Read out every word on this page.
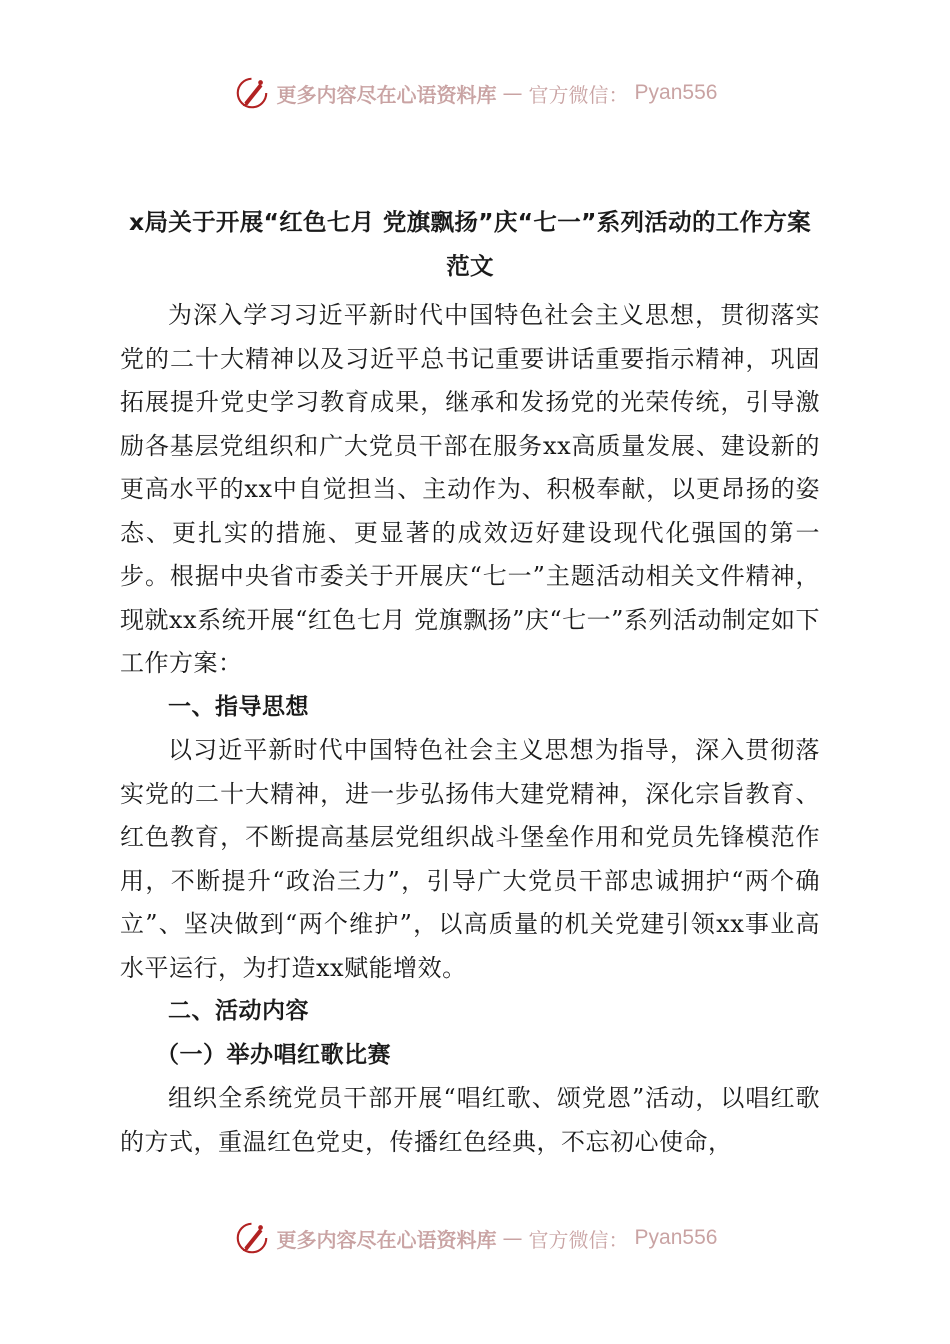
更多内容尽在心语资料库 — 官方微信： Pyan556
x局关于开展“红色七月 党旗飘扬”庆“七一”系列活动的工作方案范文

为深入学习习近平新时代中国特色社会主义思想，贯彻落实党的二十大精神以及习近平总书记重要讲话重要指示精神，巩固拓展提升党史学习教育成果，继承和发扬党的光荣传统，引导激励各基层党组织和广大党员干部在服务xx高质量发展、建设新的更高水平的xx中自觉担当、主动作为、积极奉献，以更昂扬的姿态、更扎实的措施、更显著的成效迈好建设现代化强国的第一步。根据中央省市委关于开展庆“七一”主题活动相关文件精神，现就xx系统开展“红色七月 党旗飘扬”庆“七一”系列活动制定如下工作方案：

一、指导思想

以习近平新时代中国特色社会主义思想为指导，深入贯彻落实党的二十大精神，进一步弘扬伟大建党精神，深化宗旨教育、红色教育，不断提高基层党组织战斗堡垒作用和党员先锋模范作用，不断提升“政治三力”，引导广大党员干部忠诚拥护“两个确立”、坚决做到“两个维护”，以高质量的机关党建引领xx事业高水平运行，为打造xx赋能增效。

二、活动内容

（一）举办唱红歌比赛

组织全系统党员干部开展“唱红歌、颂党恩”活动，以唱红歌的方式，重温红色党史，传播红色经典，不忘初心使命，

更多内容尽在心语资料库 — 官方微信： Pyan556
